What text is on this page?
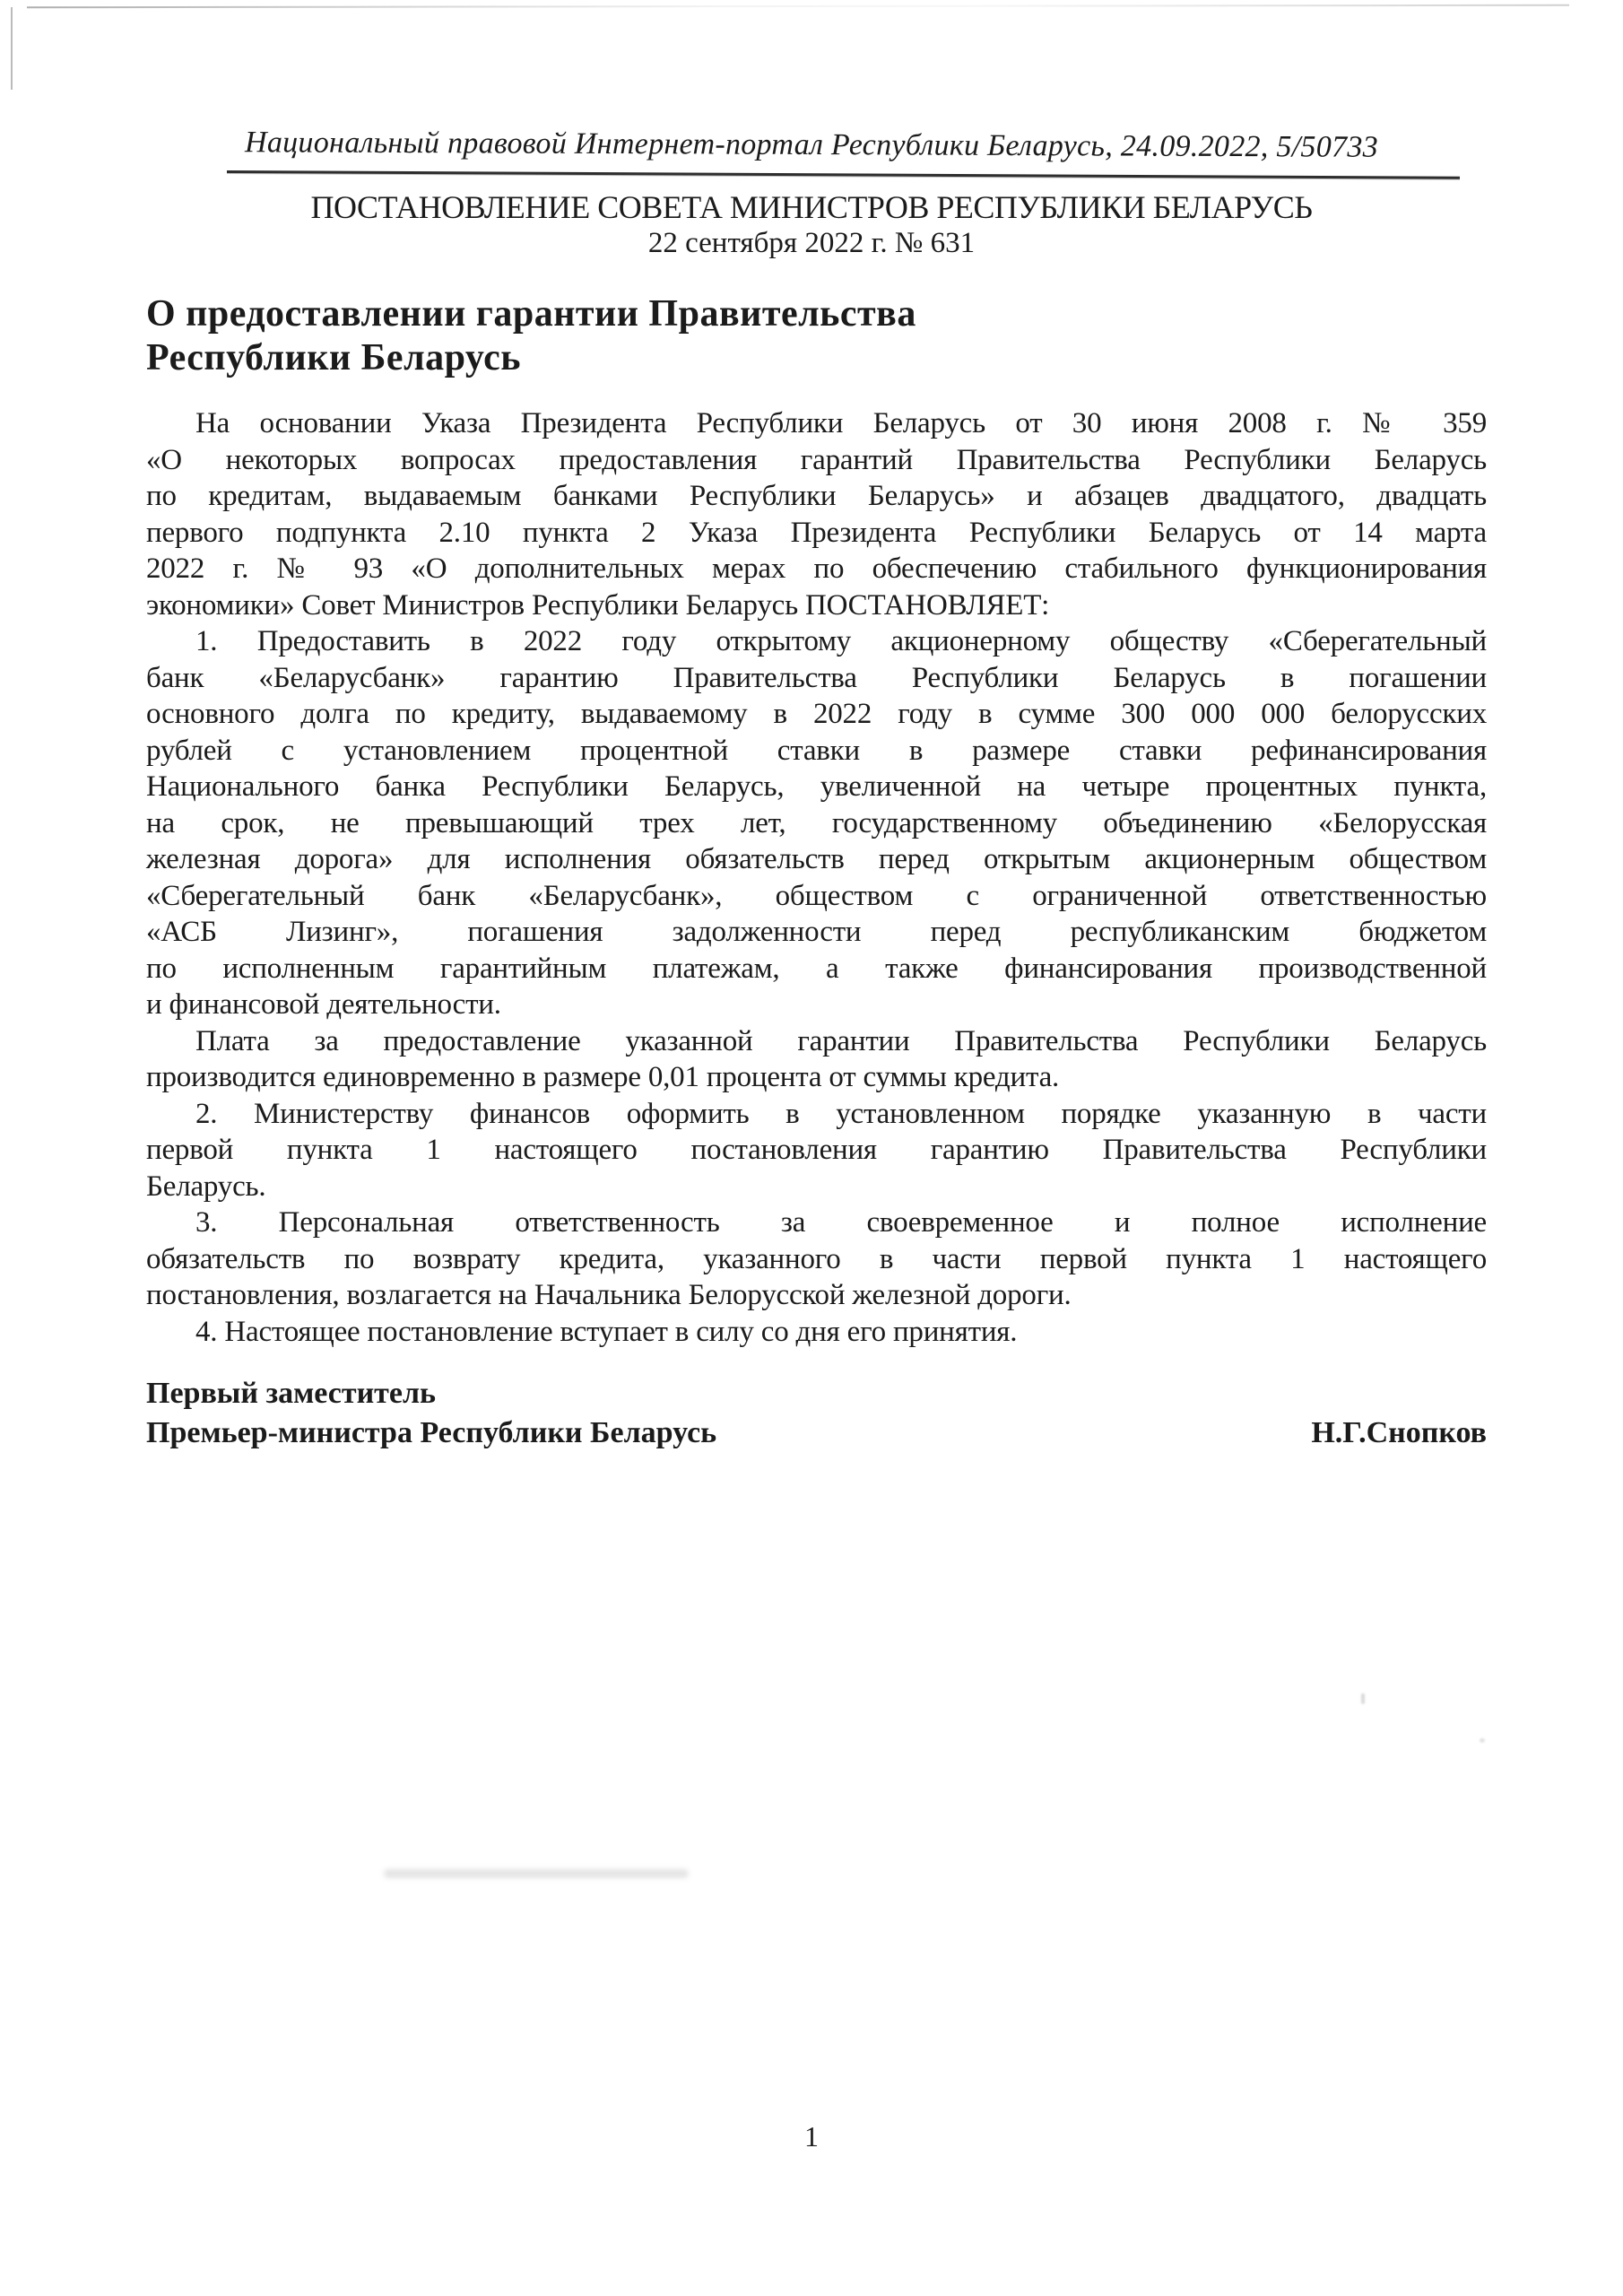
Национальный правовой Интернет-портал Республики Беларусь, 24.09.2022, 5/50733
ПОСТАНОВЛЕНИЕ СОВЕТА МИНИСТРОВ РЕСПУБЛИКИ БЕЛАРУСЬ
22 сентября 2022 г. № 631
О предоставлении гарантии Правительства
Республики Беларусь
На основании Указа Президента Республики Беларусь от 30 июня 2008 г. № 359
«О некоторых вопросах предоставления гарантий Правительства Республики Беларусь
по кредитам, выдаваемым банками Республики Беларусь» и абзацев двадцатого, двадцать
первого подпункта 2.10 пункта 2 Указа Президента Республики Беларусь от 14 марта
2022 г. № 93 «О дополнительных мерах по обеспечению стабильного функционирования
экономики» Совет Министров Республики Беларусь ПОСТАНОВЛЯЕТ:
1. Предоставить в 2022 году открытому акционерному обществу «Сберегательный
банк «Беларусбанк» гарантию Правительства Республики Беларусь в погашении
основного долга по кредиту, выдаваемому в 2022 году в сумме 300 000 000 белорусских
рублей с установлением процентной ставки в размере ставки рефинансирования
Национального банка Республики Беларусь, увеличенной на четыре процентных пункта,
на срок, не превышающий трех лет, государственному объединению «Белорусская
железная дорога» для исполнения обязательств перед открытым акционерным обществом
«Сберегательный банк «Беларусбанк», обществом с ограниченной ответственностью
«АСБ Лизинг», погашения задолженности перед республиканским бюджетом
по исполненным гарантийным платежам, а также финансирования производственной
и финансовой деятельности.
Плата за предоставление указанной гарантии Правительства Республики Беларусь
производится единовременно в размере 0,01 процента от суммы кредита.
2. Министерству финансов оформить в установленном порядке указанную в части
первой пункта 1 настоящего постановления гарантию Правительства Республики
Беларусь.
3. Персональная ответственность за своевременное и полное исполнение
обязательств по возврату кредита, указанного в части первой пункта 1 настоящего
постановления, возлагается на Начальника Белорусской железной дороги.
4. Настоящее постановление вступает в силу со дня его принятия.
Первый заместитель
Премьер-министра Республики Беларусь	Н.Г.Снопков
1
